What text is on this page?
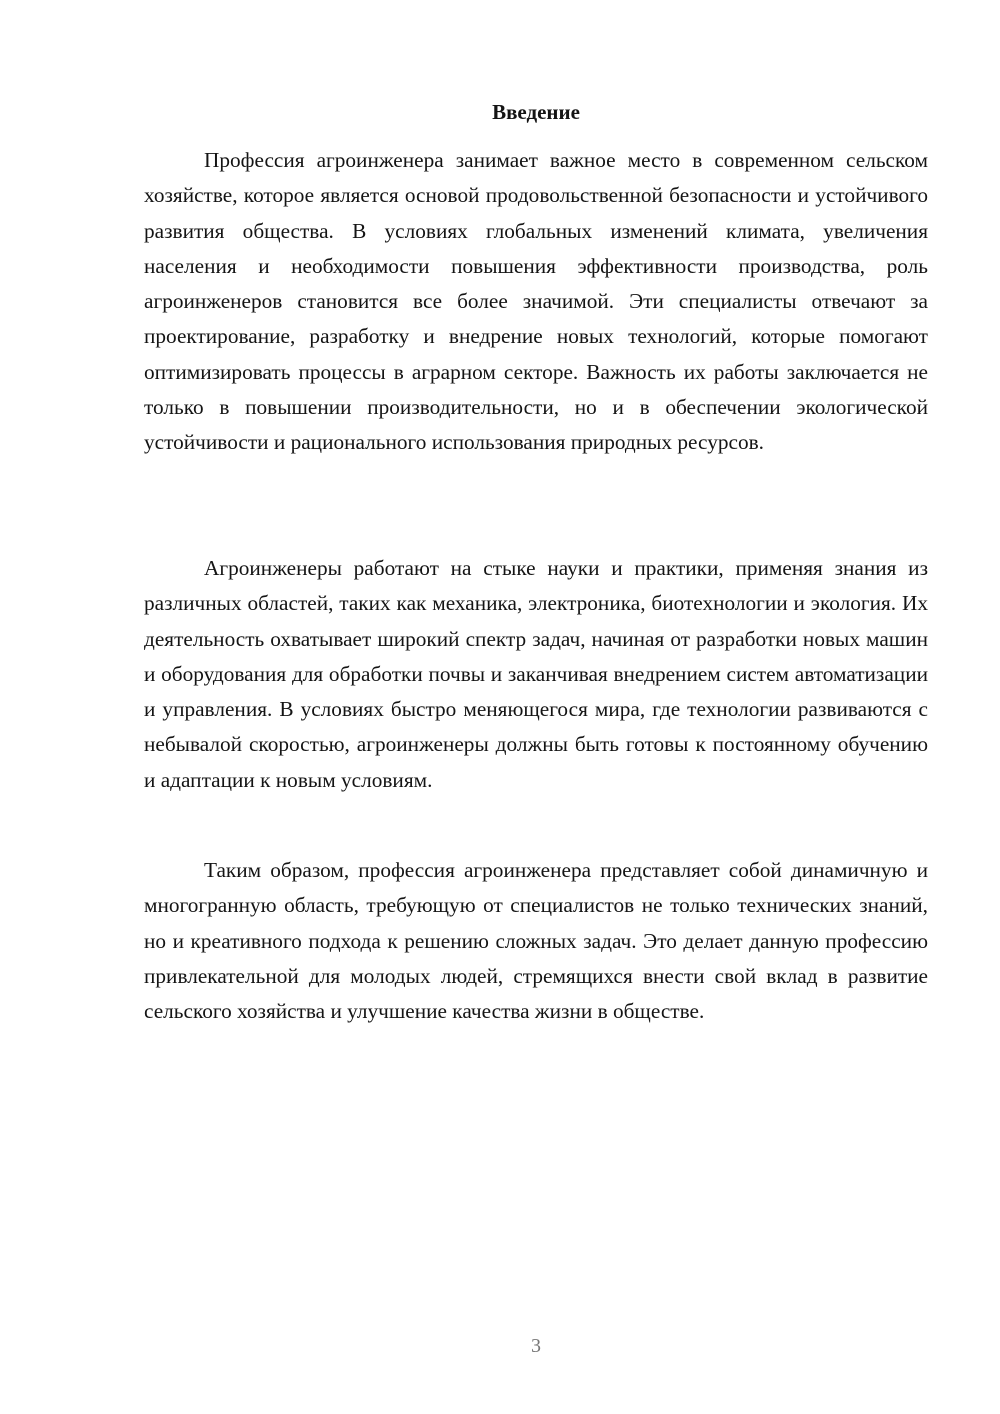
Введение

Профессия агроинженера занимает важное место в современном сельском хозяйстве, которое является основой продовольственной безопасности и устойчивого развития общества. В условиях глобальных изменений климата, увеличения населения и необходимости повышения эффективности производства, роль агроинженеров становится все более значимой. Эти специалисты отвечают за проектирование, разработку и внедрение новых технологий, которые помогают оптимизировать процессы в аграрном секторе. Важность их работы заключается не только в повышении производительности, но и в обеспечении экологической устойчивости и рационального использования природных ресурсов.

Агроинженеры работают на стыке науки и практики, применяя знания из различных областей, таких как механика, электроника, биотехнологии и экология. Их деятельность охватывает широкий спектр задач, начиная от разработки новых машин и оборудования для обработки почвы и заканчивая внедрением систем автоматизации и управления. В условиях быстро меняющегося мира, где технологии развиваются с небывалой скоростью, агроинженеры должны быть готовы к постоянному обучению и адаптации к новым условиям.

Таким образом, профессия агроинженера представляет собой динамичную и многогранную область, требующую от специалистов не только технических знаний, но и креативного подхода к решению сложных задач. Это делает данную профессию привлекательной для молодых людей, стремящихся внести свой вклад в развитие сельского хозяйства и улучшение качества жизни в обществе.

3
